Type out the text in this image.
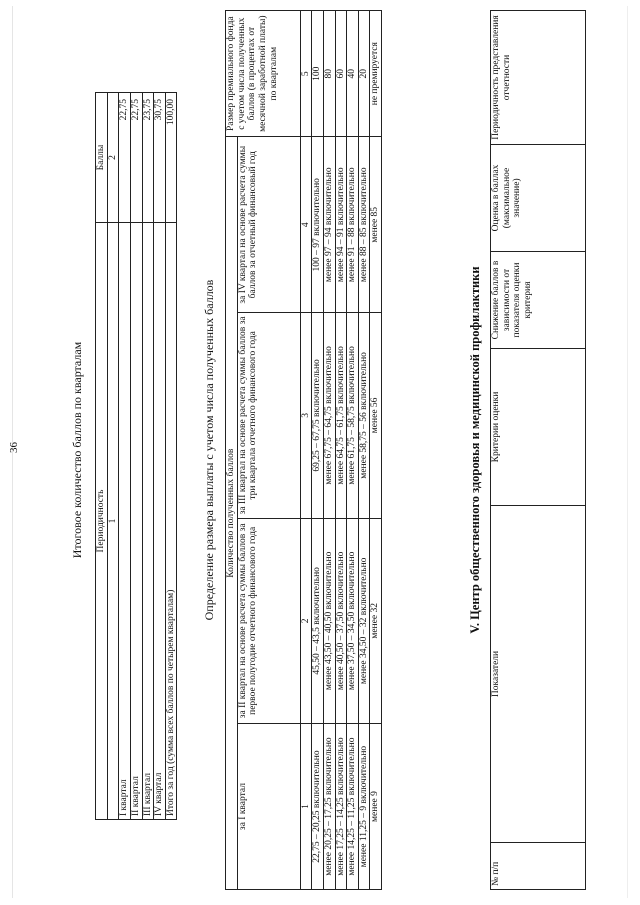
36	Итоговое количество баллов по кварталам Периодичность	Баллы
1	2
I квартал	22,75
II квартал	22,75
III квартал	23,75
IV квартал	30,75
Итого за год (сумма всех баллов по четырем кварталам)	100,00
Определение размера выплаты с учетом числа полученных баллов Количество полученных баллов				Размер премиального фонда с учетом числа полученных баллов (в процентах от месячной заработной платы) по кварталам
за I квартал	за II квартал на основе расчета суммы баллов за первое полугодие отчетного финансового года	за III квартал на основе расчета суммы баллов за три квартала отчетного финансового года	за IV квартал на основе расчета суммы баллов за отчетный финансовый год	
1	2	3	4	5
22,75 – 20,25 включительно	45,50 – 43,5 включительно	69,25 – 67,75 включительно	100 – 97 включительно	100
менее 20,25 – 17,25 включительно	менее 43,50 – 40,50 включительно	менее 67,75 – 64,75 включительно	менее 97 – 94 включительно	80
менее 17,25 – 14,25 включительно	менее 40,50 – 37,50 включительно	менее 64,75 – 61,75 включительно	менее 94 – 91 включительно	60
менее 14,25 – 11,25 включительно	менее 37,50 – 34,50 включительно	менее 61,75 – 58,75 включительно	менее 91 – 88 включительно	40
менее 11,25 – 9 включительно	менее 34,50 – 32 включительно	менее 58,75 – 56 включительно	менее 88 – 85 включительно	20
менее 9	менее 32	менее 56	менее 85	не премируется
V. Центр общественного здоровья и медицинской профилактики
№ п/п	Показатели	Критерии оценки	Снижение баллов в зависимости от показателя оценки критерия	Оценка в баллах (максимальное значение)	Периодичность представления отчетности
